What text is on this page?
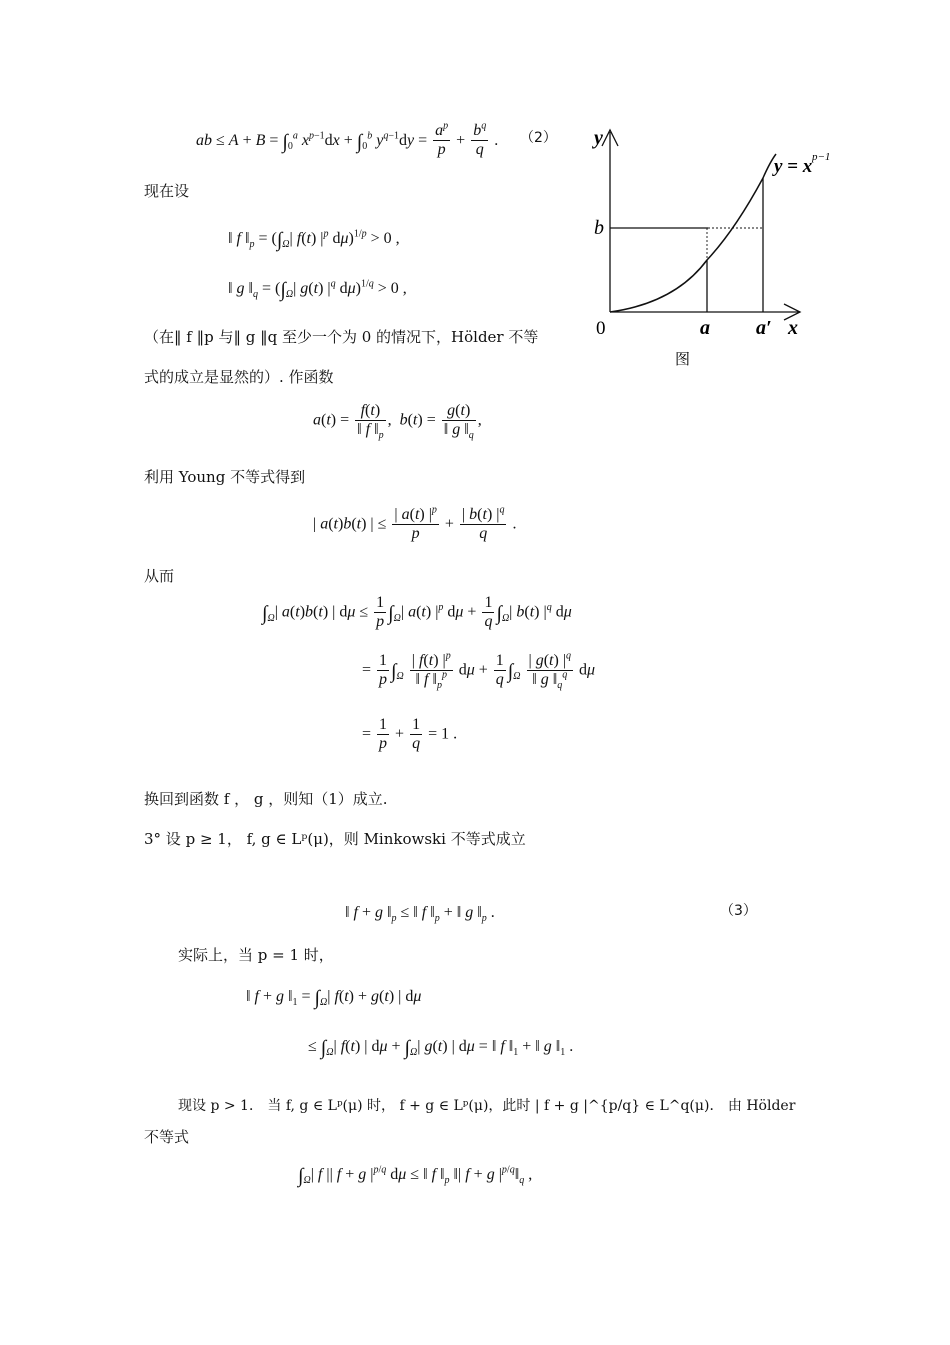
ab ≤ $A + B = \int_0^a$ $x^{p-1}dx + \int_0^b$ $y^{q-1}dy = \frac{a^p}{p} + \frac{b^q}{q}$ . （2）
现在设
‖ f $‖_p = (\int_\Omega|$ f(t) $|^p$ dμ)$^{1/p}$ > 0 ,
‖ g $‖_q = (\int_\Omega|$ g(t) $|^q$ dμ)$^{1/q}$ > 0 ,
（在‖ f ‖p 与‖ g ‖q 至少一个为 0 的情况下，Hölder 不等
式的成立是显然的）. 作函数
$a(t) = \frac{f(t)}{‖ f ‖_p}$ ,  $b(t) = \frac{g(t)}{‖ g ‖_q}$ ,
利用 Young 不等式得到
| a(t)b(t) | ≤ $\frac{| a(t) |^p}{p} + \frac{| b(t) |^q}{q}$ .
从而
$\int_\Omega|$ a(t)b(t) | $d\mu \le \frac{1}{p} \int_\Omega|$ a(t) $|^p$ $d\mu + \frac{1}{q} \int_\Omega|$ b(t) $|^q$ dμ
= $\frac{1}{p} \int_\Omega \frac{| f(t) |^p}{‖ f ‖_p^p}$ $d\mu + \frac{1}{q} \int_\Omega \frac{| g(t) |^q}{‖ g ‖_q^q}$ dμ
= $\frac{1}{p} + \frac{1}{q} = 1$ .
换回到函数 f ， g ，则知（1）成立.
3° 设 p ≥ 1， f, g ∈ Lᵖ(μ)，则 Minkowski 不等式成立
‖ f + g $‖_p$ ≤ ‖ f $‖_p$ + ‖ g $‖_p$ .	（3）
实际上，当 p = 1 时，
‖ f + g $‖_1 = \int_\Omega|$ f(t) + g(t) | dμ
≤ $\int_\Omega|$ f(t) | $d\mu + \int_\Omega|$ g(t) | dμ = ‖ f $‖_1$ + ‖ g $‖_1$ .
现设 p > 1． 当 f, g ∈ Lᵖ(μ) 时， f + g ∈ Lᵖ(μ)，此时 | f + g |^{p/q} ∈ L^q(μ)． 由 Hölder
不等式
$\int_\Omega|$ f || f + g $|^{p/q}$ dμ ≤ ‖ f $‖_p$ ‖| f + g $|^{p/q}‖_q$ ,
y
b
0	a a′ x
y = x p−1
图
